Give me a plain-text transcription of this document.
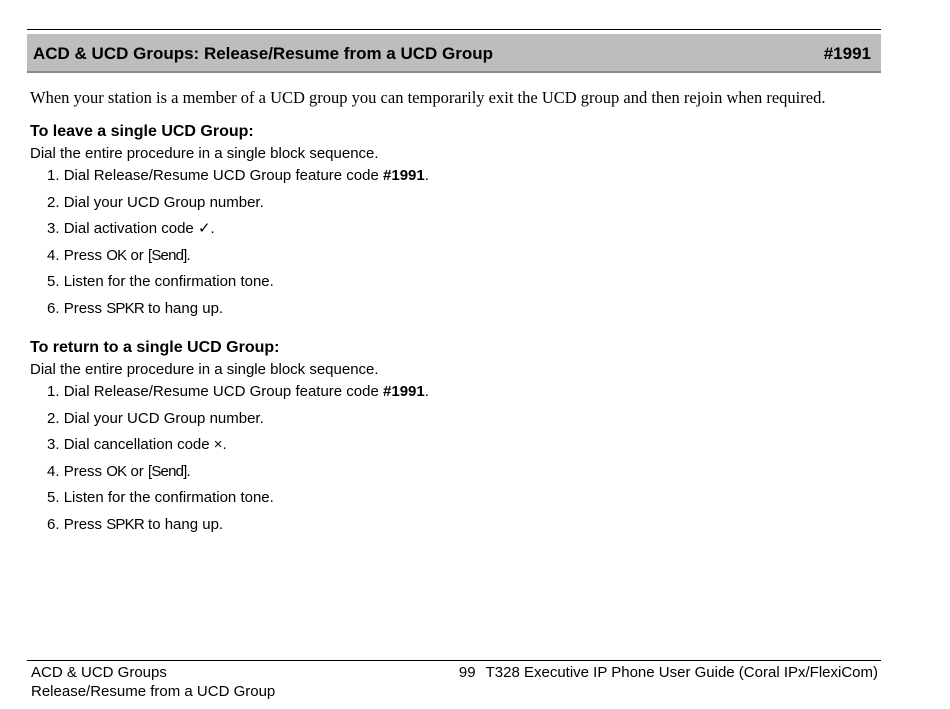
ACD & UCD Groups: Release/Resume from a UCD Group	#1991
When your station is a member of a UCD group you can temporarily exit the UCD group and then rejoin when required.

To leave a single UCD Group:

Dial the entire procedure in a single block sequence.

1. Dial Release/Resume UCD Group feature code #1991.
2. Dial your UCD Group number.
3. Dial activation code ✓.
4. Press OK or [Send].
5. Listen for the confirmation tone.
6. Press SPKR to hang up.

To return to a single UCD Group:

Dial the entire procedure in a single block sequence.

1. Dial Release/Resume UCD Group feature code #1991.
2. Dial your UCD Group number.
3. Dial cancellation code ×.
4. Press OK or [Send].
5. Listen for the confirmation tone.
6. Press SPKR to hang up.
ACD & UCD Groups
Release/Resume from a UCD Group
99 T328 Executive IP Phone User Guide (Coral IPx/FlexiCom)
